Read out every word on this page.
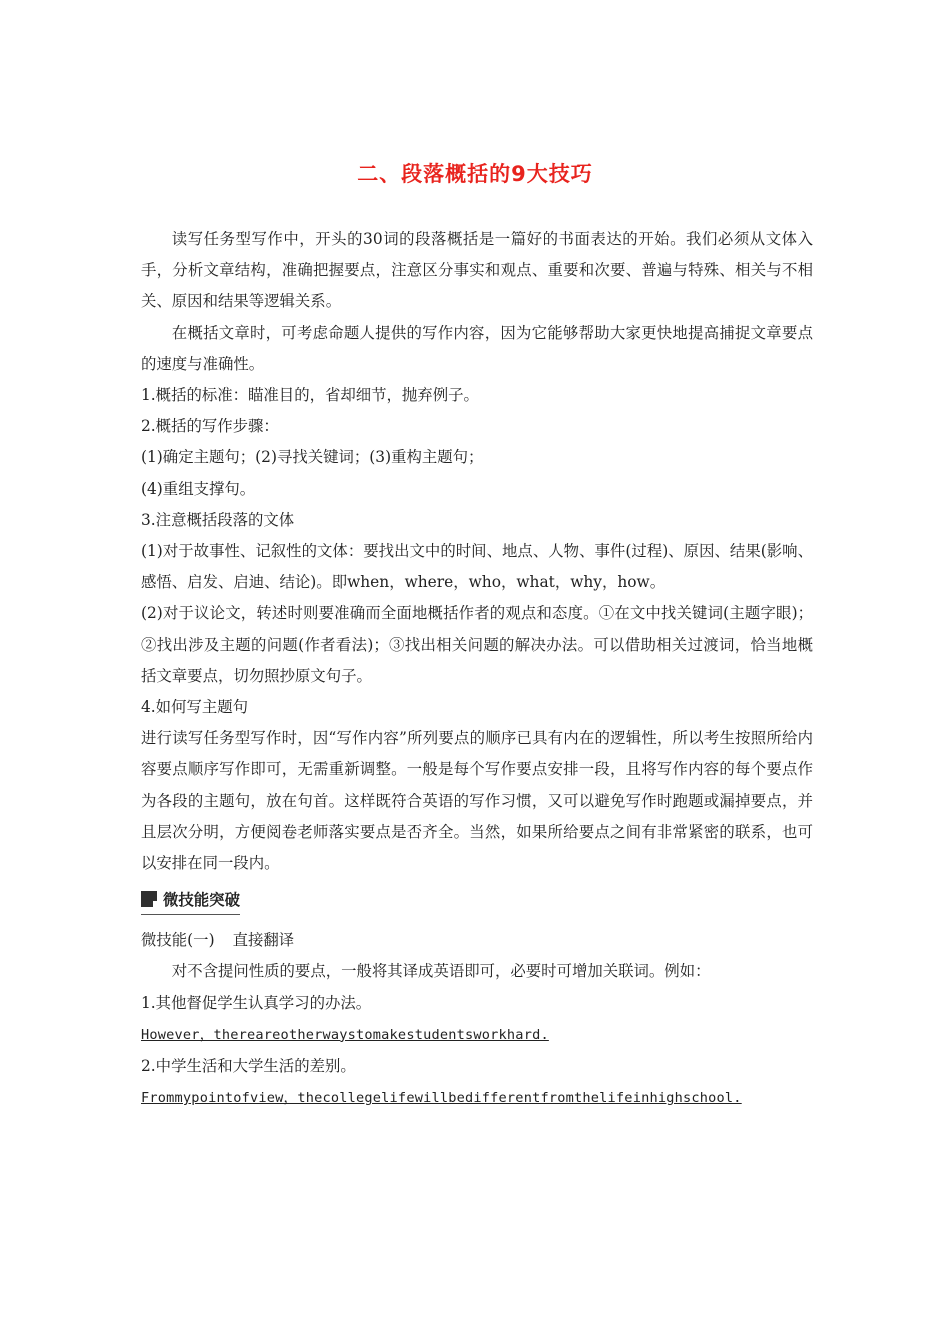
二、段落概括的9大技巧

读写任务型写作中，开头的30词的段落概括是一篇好的书面表达的开始。我们必须从文体入手，分析文章结构，准确把握要点，注意区分事实和观点、重要和次要、普遍与特殊、相关与不相关、原因和结果等逻辑关系。

在概括文章时，可考虑命题人提供的写作内容，因为它能够帮助大家更快地提高捕捉文章要点的速度与准确性。

1.概括的标准：瞄准目的，省却细节，抛弃例子。

2.概括的写作步骤：

(1)确定主题句；(2)寻找关键词；(3)重构主题句；

(4)重组支撑句。

3.注意概括段落的文体

(1)对于故事性、记叙性的文体：要找出文中的时间、地点、人物、事件(过程)、原因、结果(影响、感悟、启发、启迪、结论)。即when，where，who，what，why，how。

(2)对于议论文，转述时则要准确而全面地概括作者的观点和态度。①在文中找关键词(主题字眼)；②找出涉及主题的问题(作者看法)；③找出相关问题的解决办法。可以借助相关过渡词，恰当地概括文章要点，切勿照抄原文句子。

4.如何写主题句

进行读写任务型写作时，因“写作内容”所列要点的顺序已具有内在的逻辑性，所以考生按照所给内容要点顺序写作即可，无需重新调整。一般是每个写作要点安排一段，且将写作内容的每个要点作为各段的主题句，放在句首。这样既符合英语的写作习惯，又可以避免写作时跑题或漏掉要点，并且层次分明，方便阅卷老师落实要点是否齐全。当然，如果所给要点之间有非常紧密的联系，也可以安排在同一段内。

微技能突破

微技能(一) 直接翻译

对不含提问性质的要点，一般将其译成英语即可，必要时可增加关联词。例如：

1.其他督促学生认真学习的办法。

However，thereareotherwaystomakestudentsworkhard.

2.中学生活和大学生活的差别。

Frommypointofview，thecollegelifewillbedifferentfromthelifeinhighschool.
